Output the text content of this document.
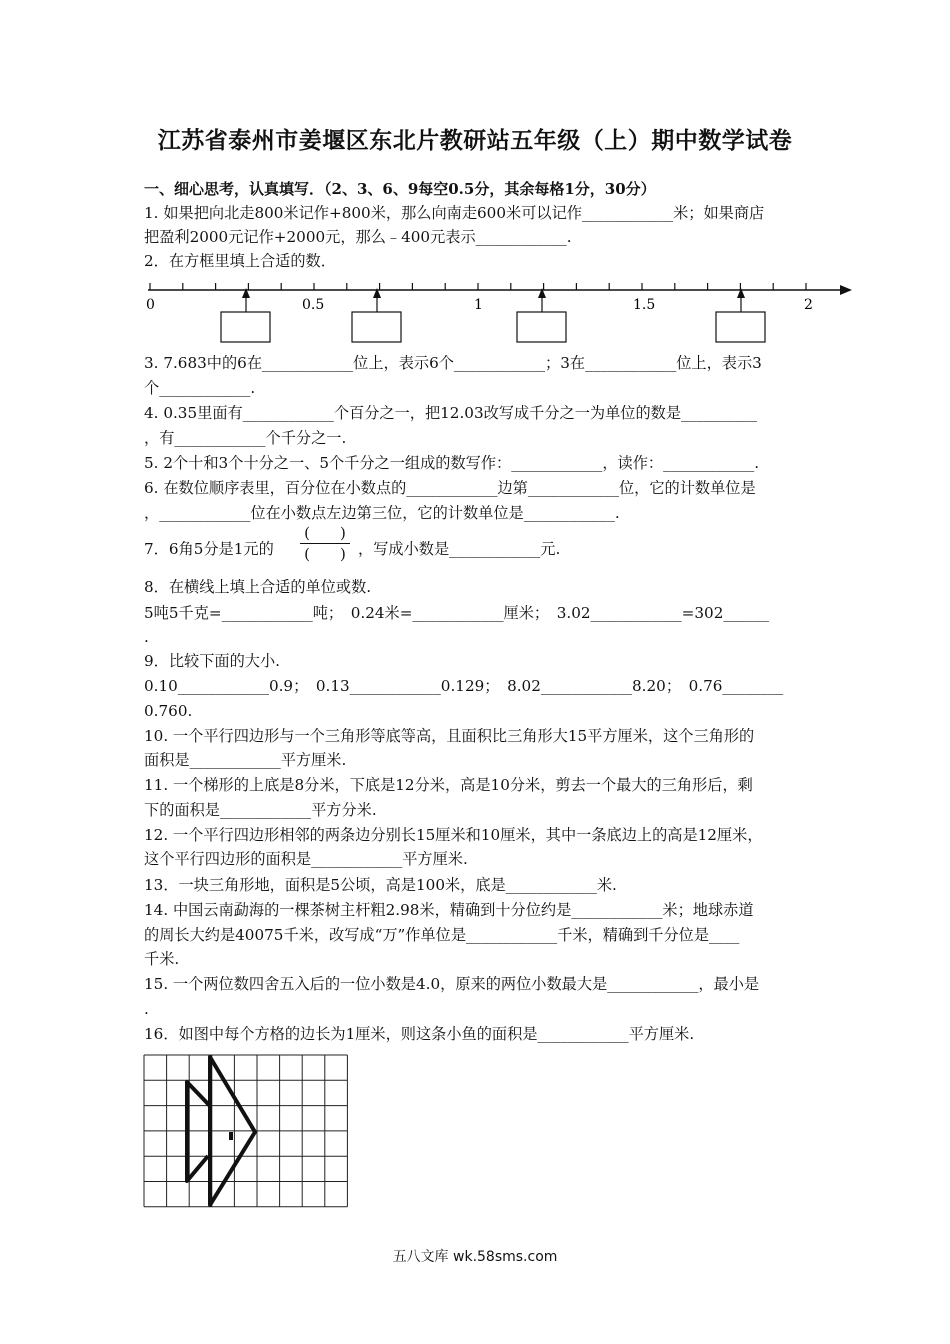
江苏省泰州市姜堰区东北片教研站五年级（上）期中数学试卷
一、细心思考，认真填写．（2、3、6、9每空0.5分，其余每格1分，30分）
1. 如果把向北走800米记作+800米，那么向南走600米可以记作____________米；如果商店
把盈利2000元记作+2000元，那么﹣400元表示____________.
2．在方框里填上合适的数．
0	0.5	1	1.5	2
3. 7.683中的6在____________位上，表示6个____________；3在____________位上，表示3
个____________.
4. 0.35里面有____________个百分之一，把12.03改写成千分之一为单位的数是__________
，有____________个千分之一.
5. 2个十和3个十分之一、5个千分之一组成的数写作：____________，读作：____________.
6. 在数位顺序表里，百分位在小数点的____________边第____________位，它的计数单位是
，____________位在小数点左边第三位，它的计数单位是____________.
7．6角5分是1元的
(　　)
(　　) ，写成小数是____________元.
8．在横线上填上合适的单位或数.
5吨5千克=____________吨；　0.24米=____________厘米；　3.02____________=302______
.
9．比较下面的大小.
0.10____________0.9；　0.13____________0.129；　8.02____________8.20；　0.76________
0.760.
10. 一个平行四边形与一个三角形等底等高，且面积比三角形大15平方厘米，这个三角形的
面积是____________平方厘米.
11. 一个梯形的上底是8分米，下底是12分米，高是10分米，剪去一个最大的三角形后，剩
下的面积是____________平方分米.
12. 一个平行四边形相邻的两条边分别长15厘米和10厘米，其中一条底边上的高是12厘米，
这个平行四边形的面积是____________平方厘米.
13．一块三角形地，面积是5公顷，高是100米，底是____________米.
14. 中国云南勐海的一棵茶树主杆粗2.98米，精确到十分位约是____________米；地球赤道
的周长大约是40075千米，改写成“万”作单位是____________千米，精确到千分位是____
千米.
15. 一个两位数四舍五入后的一位小数是4.0，原来的两位小数最大是____________，最小是
.
16．如图中每个方格的边长为1厘米，则这条小鱼的面积是____________平方厘米.
五八文库 wk.58sms.com
